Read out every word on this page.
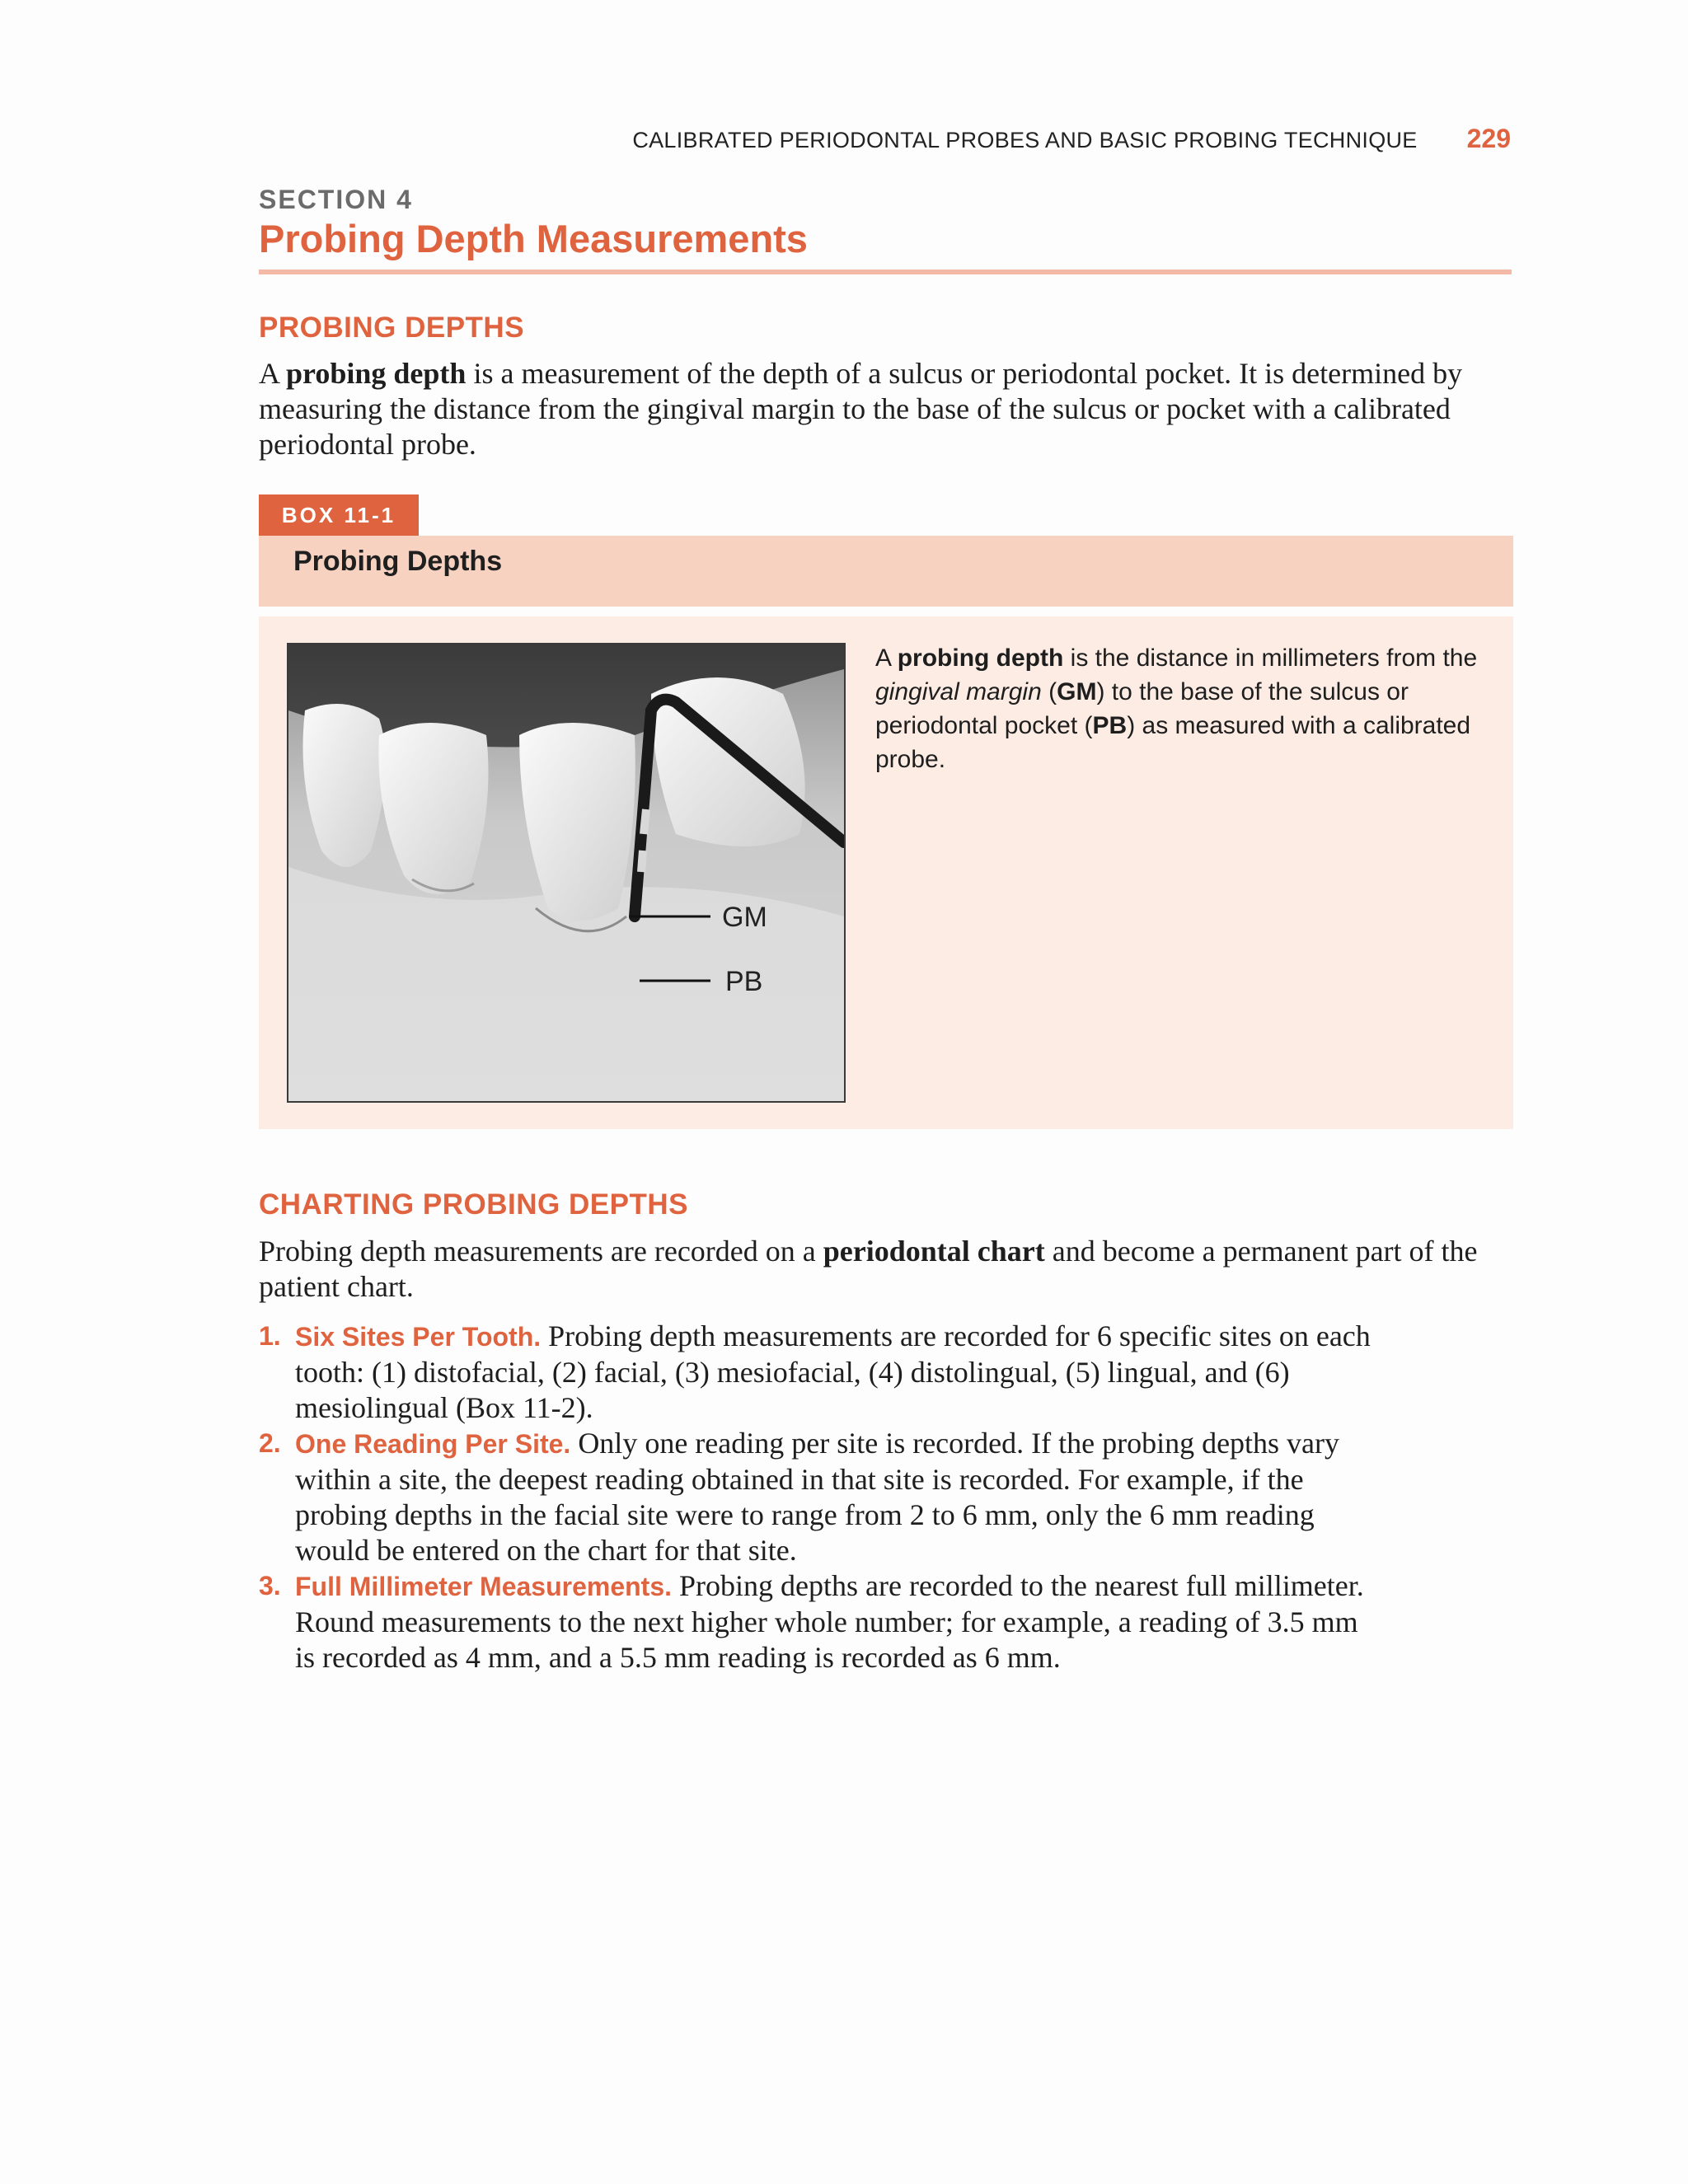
CALIBRATED PERIODONTAL PROBES AND BASIC PROBING TECHNIQUE 229
SECTION 4
Probing Depth Measurements
PROBING DEPTHS

A probing depth is a measurement of the depth of a sulcus or periodontal pocket. It is determined by measuring the distance from the gingival margin to the base of the sulcus or pocket with a calibrated periodontal probe.

BOX 11-1
Probing Depths
GM
PB
A probing depth is the distance in millimeters from the gingival margin (GM) to the base of the sulcus or periodontal pocket (PB) as measured with a calibrated probe.
CHARTING PROBING DEPTHS

Probing depth measurements are recorded on a periodontal chart and become a permanent part of the patient chart.

1. Six Sites Per Tooth. Probing depth measurements are recorded for 6 specific sites on each tooth: (1) distofacial, (2) facial, (3) mesiofacial, (4) distolingual, (5) lingual, and (6) mesiolingual (Box 11-2).
2. One Reading Per Site. Only one reading per site is recorded. If the probing depths vary within a site, the deepest reading obtained in that site is recorded. For example, if the probing depths in the facial site were to range from 2 to 6 mm, only the 6 mm reading would be entered on the chart for that site.
3. Full Millimeter Measurements. Probing depths are recorded to the nearest full millimeter. Round measurements to the next higher whole number; for example, a reading of 3.5 mm is recorded as 4 mm, and a 5.5 mm reading is recorded as 6 mm.
